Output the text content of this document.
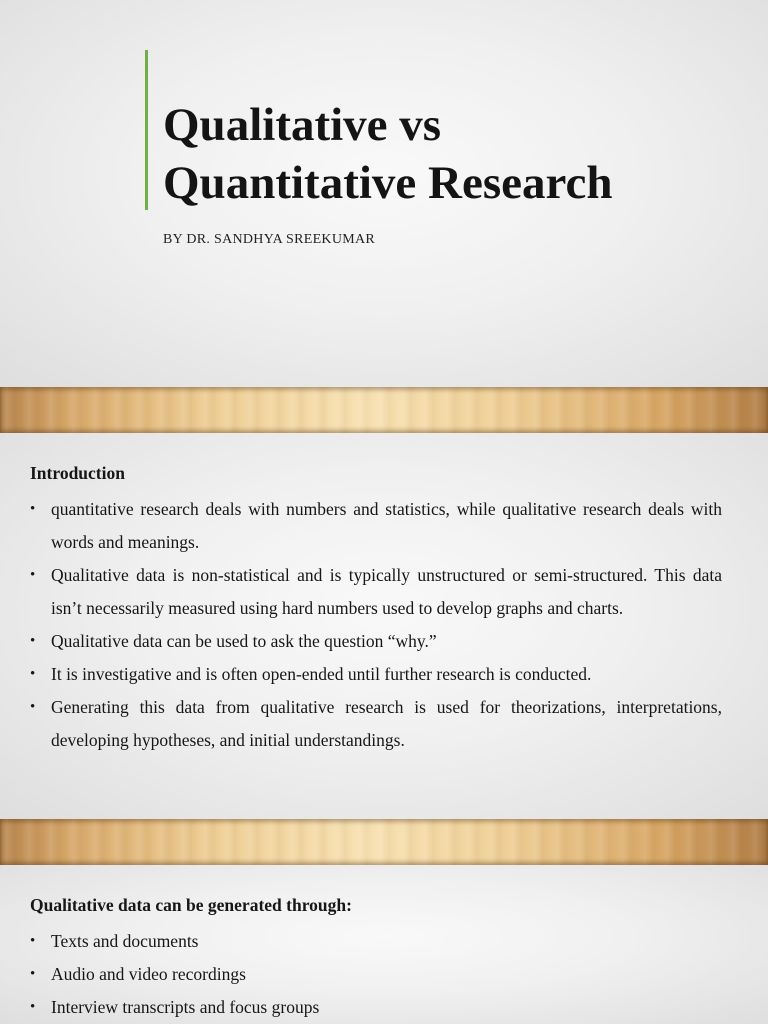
Qualitative vs
Quantitative Research
BY DR. SANDHYA SREEKUMAR
Introduction
• quantitative research deals with numbers and statistics, while qualitative research deals with words and meanings.
• Qualitative data is non-statistical and is typically unstructured or semi-structured. This data isn’t necessarily measured using hard numbers used to develop graphs and charts.
• Qualitative data can be used to ask the question “why.”
• It is investigative and is often open-ended until further research is conducted.
• Generating this data from qualitative research is used for theorizations, interpretations, developing hypotheses, and initial understandings.
Qualitative data can be generated through:
• Texts and documents
• Audio and video recordings
• Interview transcripts and focus groups
